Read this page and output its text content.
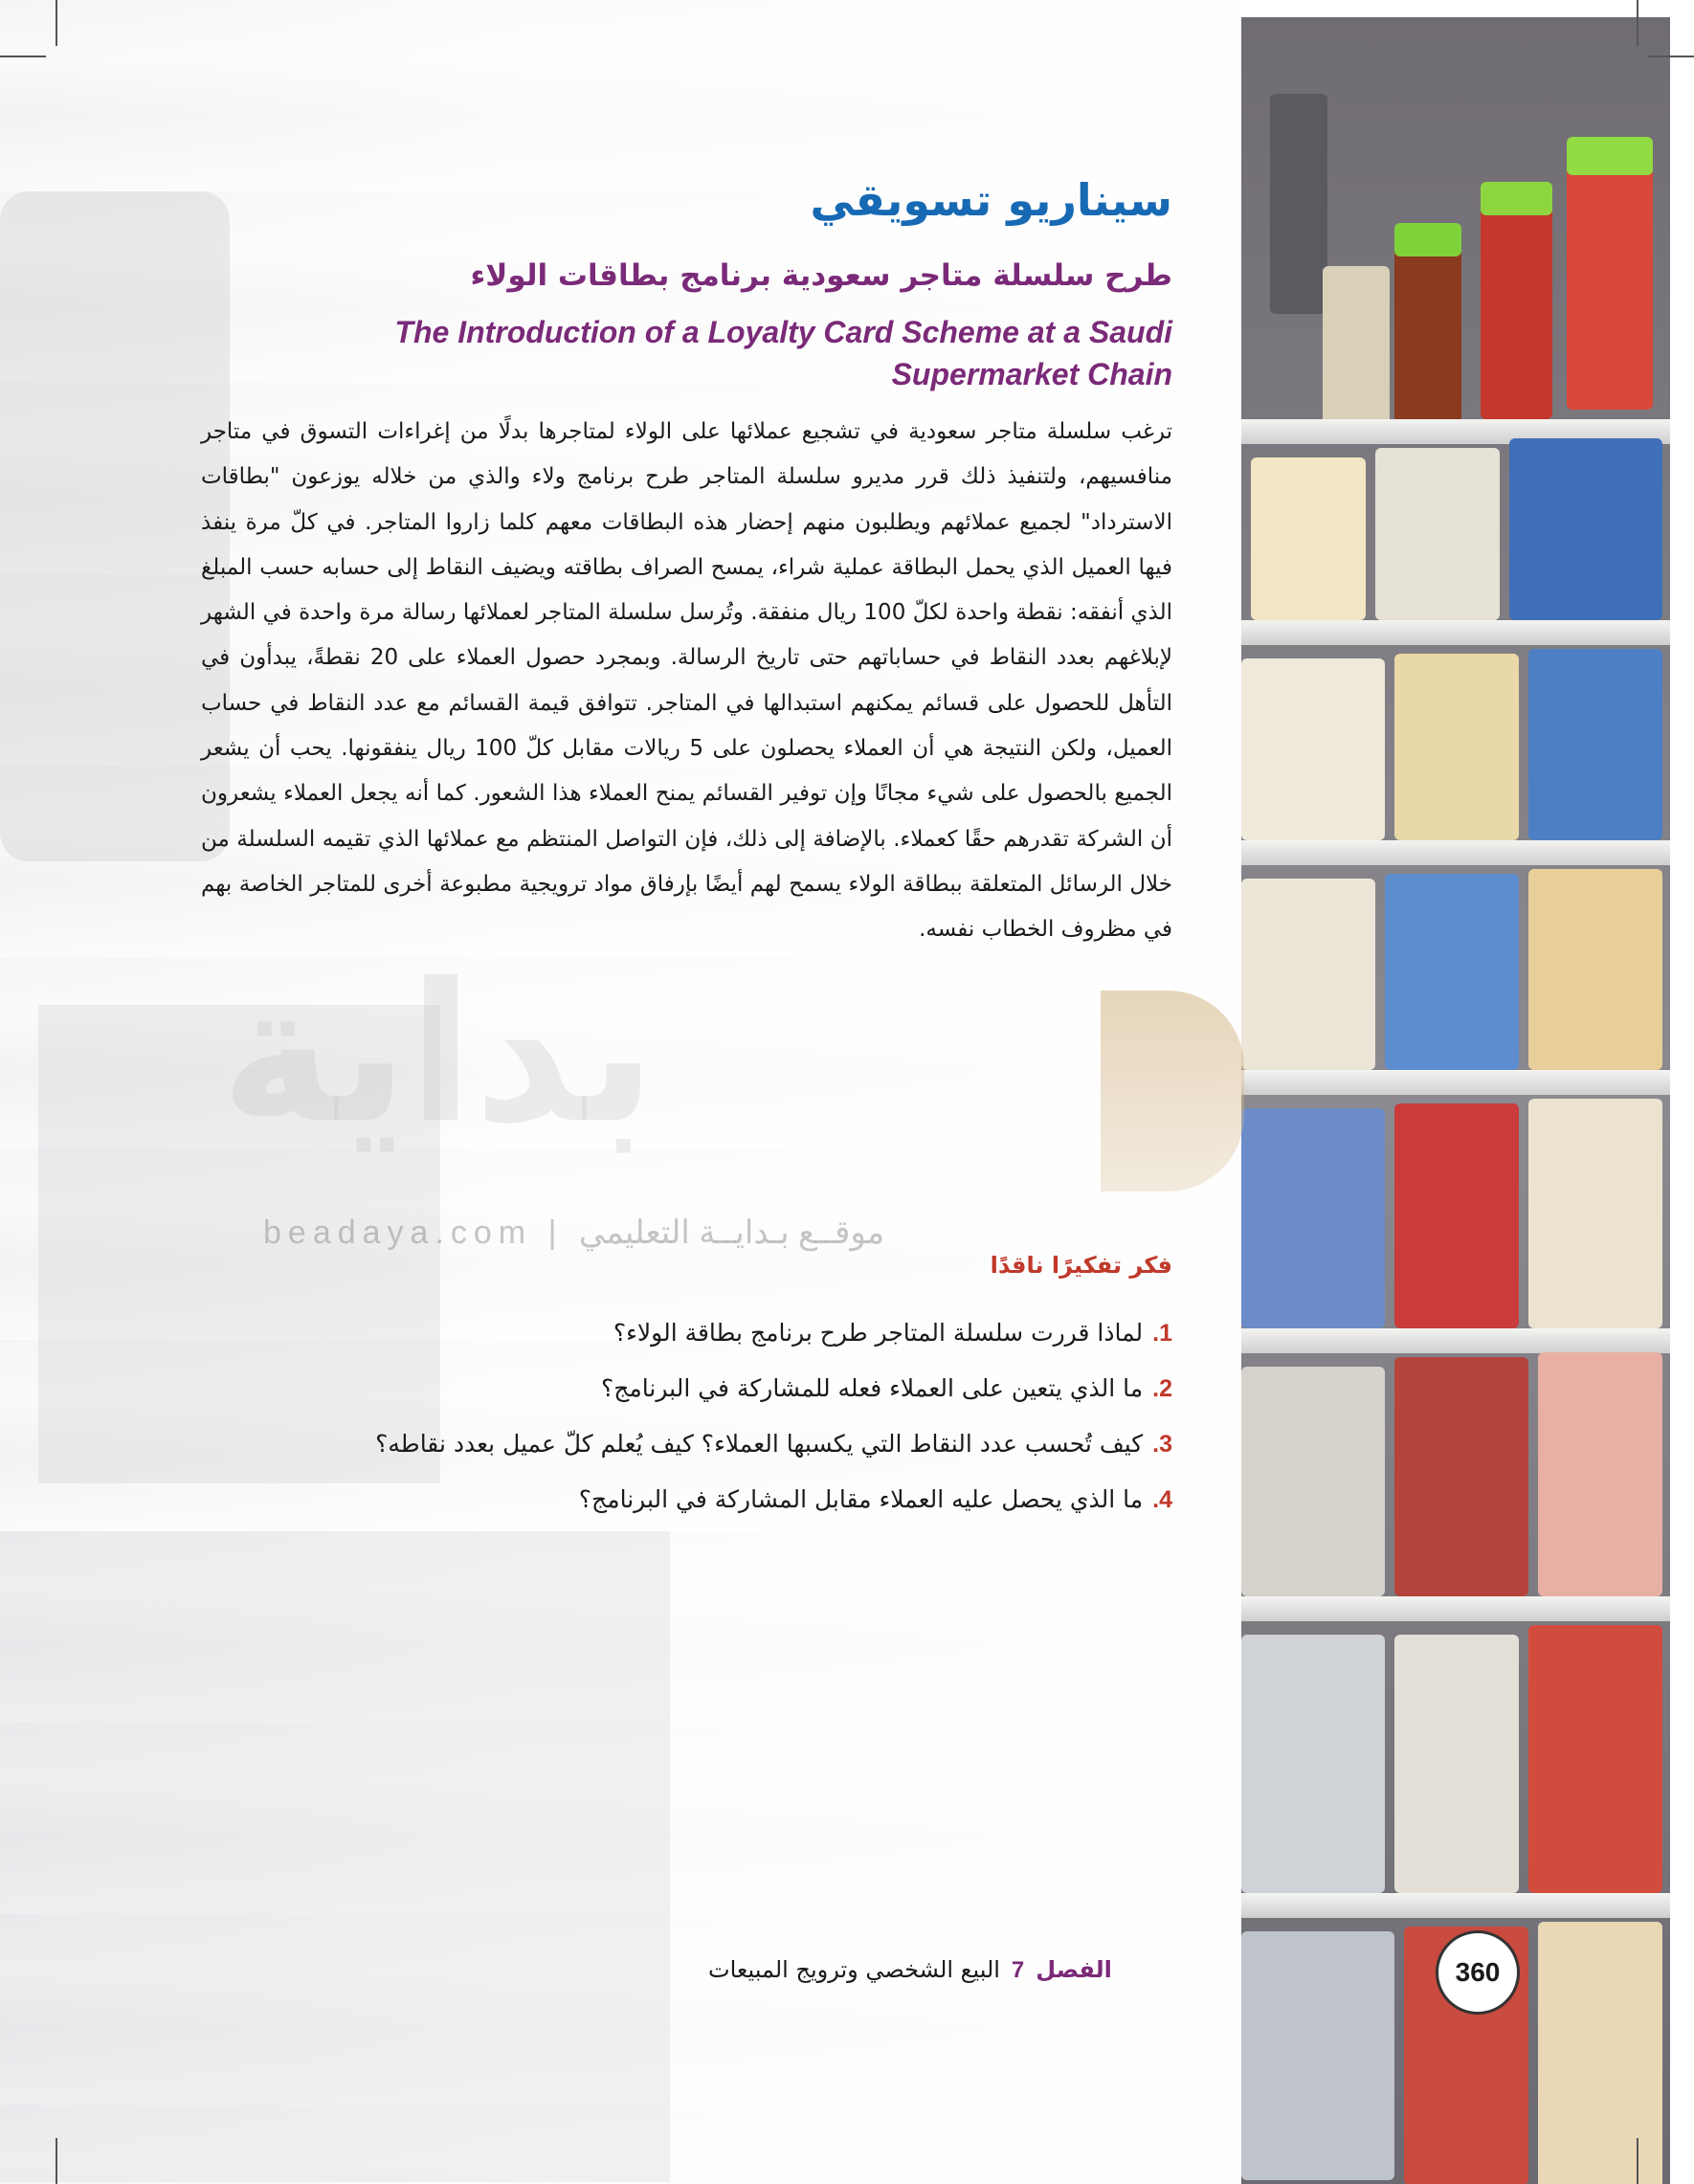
بداية
beadaya.com | موقــع بـدايــة التعليمي
سيناريو تسويقي
طرح سلسلة متاجر سعودية برنامج بطاقات الولاء
The Introduction of a Loyalty Card Scheme at a Saudi Supermarket Chain

ترغب سلسلة متاجر سعودية في تشجيع عملائها على الولاء لمتاجرها بدلًا من إغراءات التسوق في متاجر منافسيهم، ولتنفيذ ذلك قرر مديرو سلسلة المتاجر طرح برنامج ولاء والذي من خلاله يوزعون "بطاقات الاسترداد" لجميع عملائهم ويطلبون منهم إحضار هذه البطاقات معهم كلما زاروا المتاجر. في كلّ مرة ينفذ فيها العميل الذي يحمل البطاقة عملية شراء، يمسح الصراف بطاقته ويضيف النقاط إلى حسابه حسب المبلغ الذي أنفقه: نقطة واحدة لكلّ 100 ريال منفقة. وتُرسل سلسلة المتاجر لعملائها رسالة مرة واحدة في الشهر لإبلاغهم بعدد النقاط في حساباتهم حتى تاريخ الرسالة. وبمجرد حصول العملاء على 20 نقطةً، يبدأون في التأهل للحصول على قسائم يمكنهم استبدالها في المتاجر. تتوافق قيمة القسائم مع عدد النقاط في حساب العميل، ولكن النتيجة هي أن العملاء يحصلون على 5 ريالات مقابل كلّ 100 ريال ينفقونها. يحب أن يشعر الجميع بالحصول على شيء مجانًا وإن توفير القسائم يمنح العملاء هذا الشعور. كما أنه يجعل العملاء يشعرون أن الشركة تقدرهم حقًا كعملاء. بالإضافة إلى ذلك، فإن التواصل المنتظم مع عملائها الذي تقيمه السلسلة من خلال الرسائل المتعلقة ببطاقة الولاء يسمح لهم أيضًا بإرفاق مواد ترويجية مطبوعة أخرى للمتاجر الخاصة بهم في مظروف الخطاب نفسه.

فكر تفكيرًا ناقدًا
1.لماذا قررت سلسلة المتاجر طرح برنامج بطاقة الولاء؟
2.ما الذي يتعين على العملاء فعله للمشاركة في البرنامج؟
3.كيف تُحسب عدد النقاط التي يكسبها العملاء؟ كيف يُعلم كلّ عميل بعدد نقاطه؟
4.ما الذي يحصل عليه العملاء مقابل المشاركة في البرنامج؟
الفصل7البيع الشخصي وترويج المبيعات	360
